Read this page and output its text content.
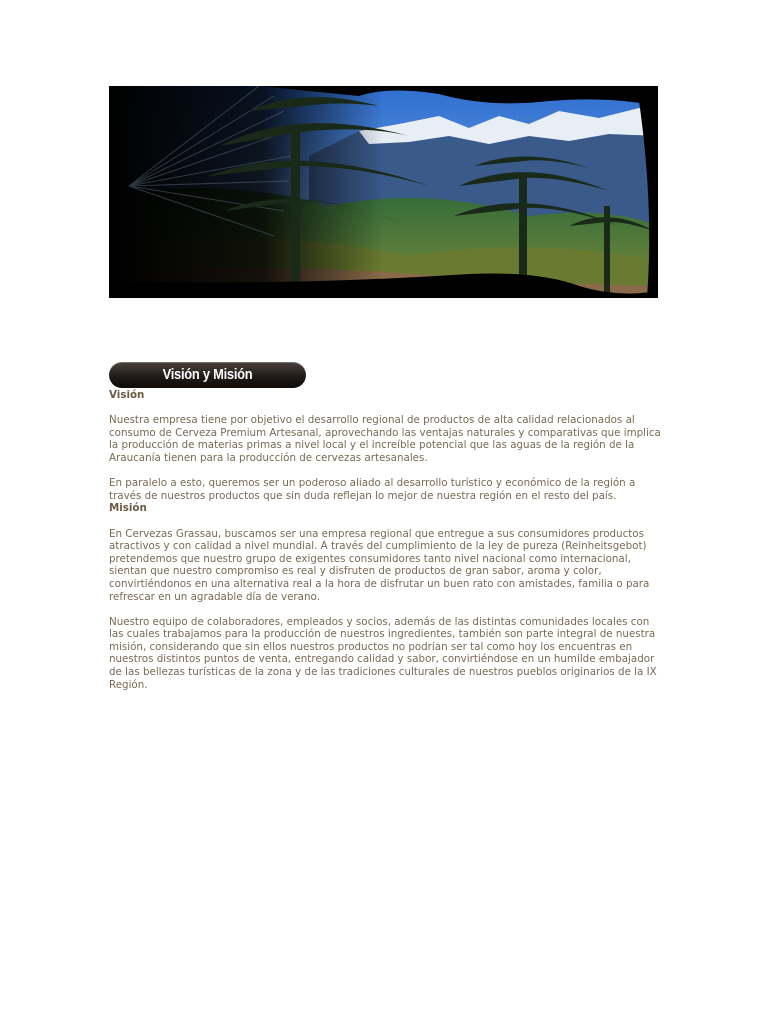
Visión y Misión
Visión

Nuestra empresa tiene por objetivo el desarrollo regional de productos de alta calidad relacionados al consumo de Cerveza Premium Artesanal, aprovechando las ventajas naturales y comparativas que implica la producción de materias primas a nivel local y el increíble potencial que las aguas de la región de la Araucanía tienen para la producción de cervezas artesanales.

En paralelo a esto, queremos ser un poderoso aliado al desarrollo turístico y económico de la región a través de nuestros productos que sin duda reflejan lo mejor de nuestra región en el resto del país.

Misión

En Cervezas Grassau, buscamos ser una empresa regional que entregue a sus consumidores productos atractivos y con calidad a nivel mundial. A través del cumplimiento de la ley de pureza (Reinheitsgebot) pretendemos que nuestro grupo de exigentes consumidores tanto nivel nacional como internacional, sientan que nuestro compromiso es real y disfruten de productos de gran sabor, aroma y color, convirtiéndonos en una alternativa real a la hora de disfrutar un buen rato con amistades, familia o para refrescar en un agradable día de verano.

Nuestro equipo de colaboradores, empleados y socios, además de las distintas comunidades locales con las cuales trabajamos para la producción de nuestros ingredientes, también son parte integral de nuestra misión, considerando que sin ellos nuestros productos no podrían ser tal como hoy los encuentras en nuestros distintos puntos de venta, entregando calidad y sabor, convirtiéndose en un humilde embajador de las bellezas turísticas de la zona y de las tradiciones culturales de nuestros pueblos originarios de la IX Región.
